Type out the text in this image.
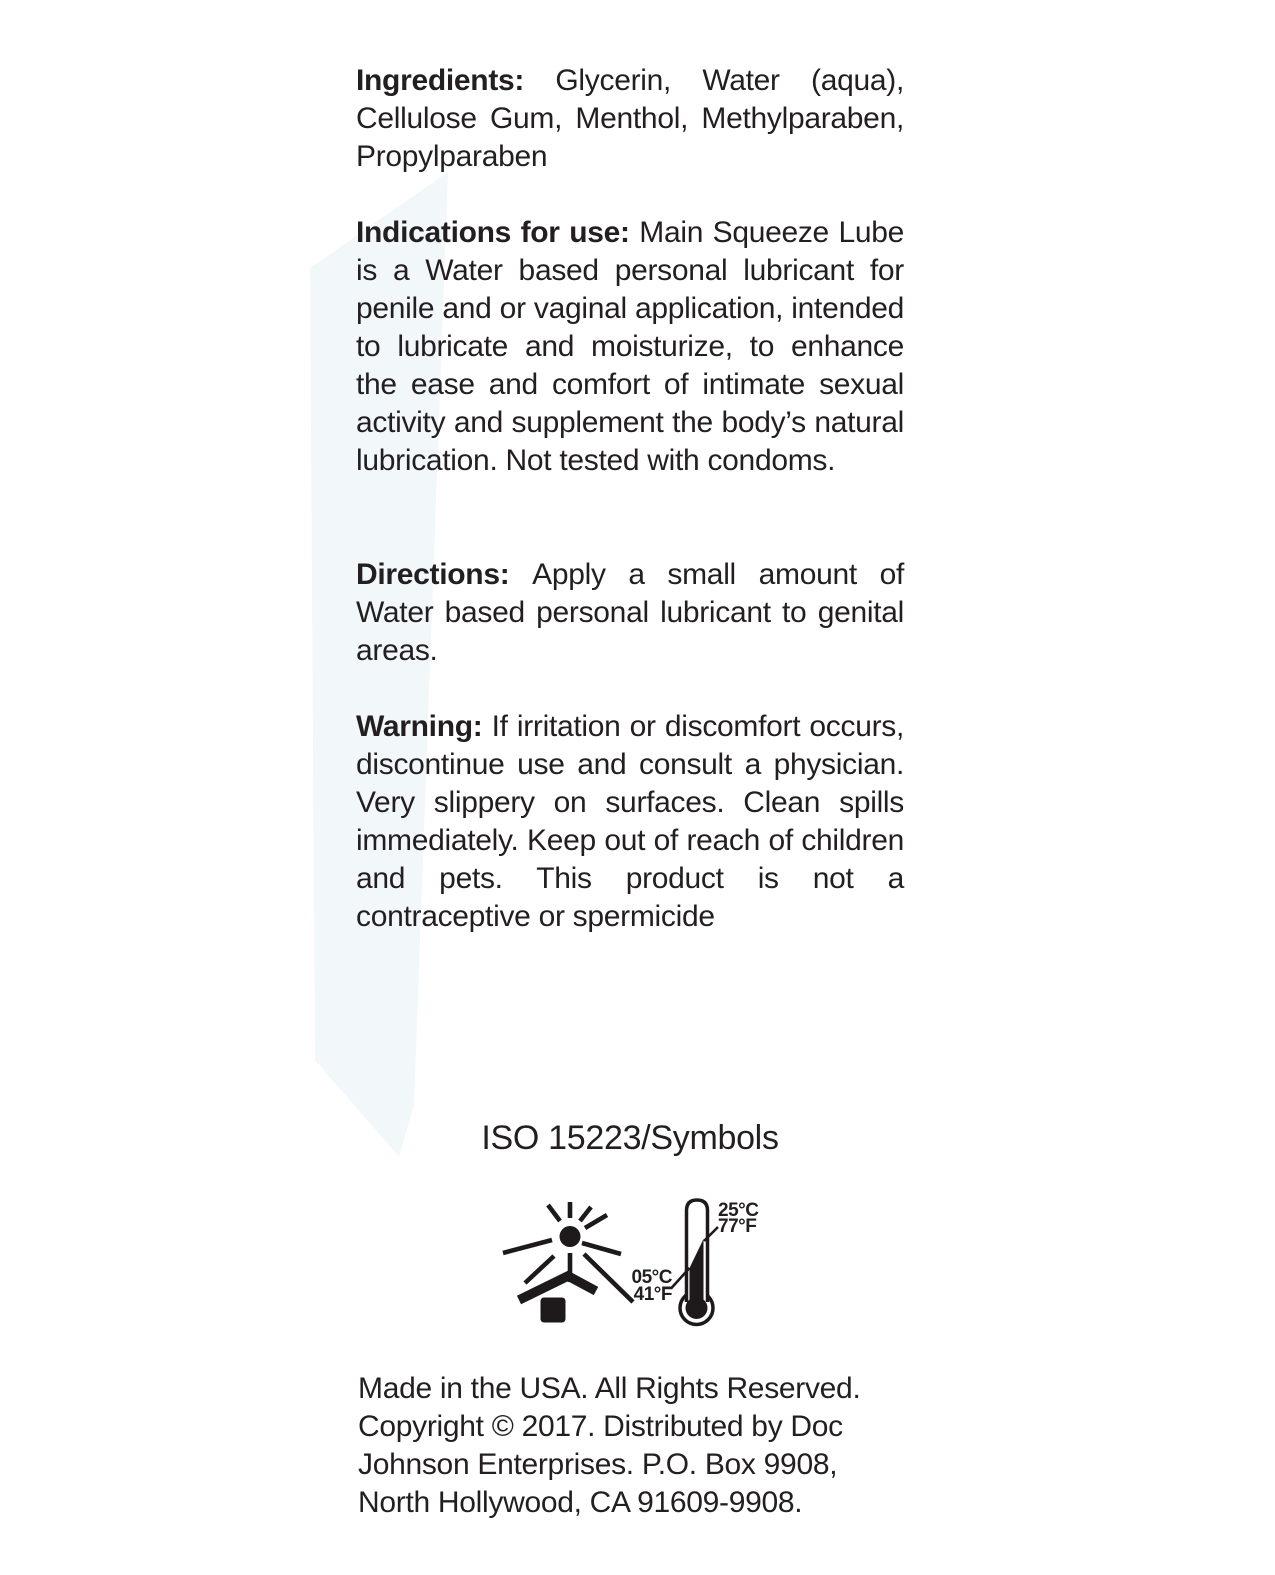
Ingredients: Glycerin, Water (aqua), Cellulose Gum, Menthol, Methylparaben, Propylparaben

Indications for use: Main Squeeze Lube is a Water based personal lubricant for penile and or vaginal application, intended to lubricate and moisturize, to enhance the ease and comfort of intimate sexual activity and supplement the body’s natural lubrication. Not tested with condoms.

Directions: Apply a small amount of Water based personal lubricant to genital areas.

Warning: If irritation or discomfort occurs, discontinue use and consult a physician. Very slippery on surfaces. Clean spills immediately. Keep out of reach of children and pets. This product is not a contraceptive or spermicide

ISO 15223/Symbols

25°C
77°F
05°C
41°F

Made in the USA. All Rights Reserved. Copyright © 2017. Distributed by Doc Johnson Enterprises. P.O. Box 9908, North Hollywood, CA 91609-9908.
